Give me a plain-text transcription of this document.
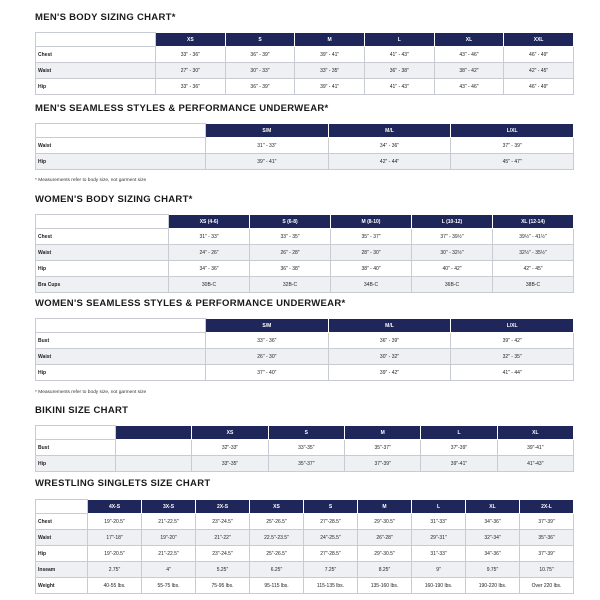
MEN'S BODY SIZING CHART*
	XS	S	M	L	XL	XXL
Chest	33" - 36"	36" - 39"	39" - 41"	41" - 43"	43" - 46"	46" - 49"
Waist	27" - 30"	30" - 33"	33" - 35"	36" - 38"	38" - 42"	42" - 45"
Hip	33" - 36"	36" - 39"	39" - 41"	41" - 43"	43" - 46"	46" - 49"
MEN'S SEAMLESS STYLES & PERFORMANCE UNDERWEAR*
	S/M	M/L	L/XL
Waist	31" - 33"	34" - 36"	37" - 39"
Hip	39" - 41"	42" - 44"	45" - 47"
* Measurements refer to body size, not garment size
WOMEN'S BODY SIZING CHART*
	XS (4-6)	S (6-8)	M (8-10)	L (10-12)	XL (12-14)
Chest	31" - 33"	33" - 35"	35" - 37"	37" - 39½"	39½" - 41½"
Waist	24" - 26"	26" - 28"	28" - 30"	30" - 32½"	32½" - 35½"
Hip	34" - 36"	36" - 38"	38" - 40"	40" - 42"	42" - 45"
Bra Cups	30B-C	32B-C	34B-C	36B-C	38B-C
WOMEN'S SEAMLESS STYLES & PERFORMANCE UNDERWEAR*
	S/M	M/L	L/XL
Bust	33" - 36"	36" - 39"	39" - 42"
Waist	26" - 30"	30" - 32"	32" - 35"
Hip	37" - 40"	39" - 42"	41" - 44"
* Measurements refer to body size, not garment size
BIKINI SIZE CHART
		XS	S	M	L	XL
Bust		32"-33"	33"-35"	35"-37"	37"-39"	39"-41"
Hip		33"-35"	35"-37"	37"-39"	39"-41"	41"-43"
WRESTLING SINGLETS SIZE CHART
	4X-S	3X-S	2X-S	XS	S	M	L	XL	2X-L
Chest	19"-20.5"	21"-22.5"	23"-24.5"	25"-26.5"	27"-28.5"	29"-30.5"	31"-33"	34"-36"	37"-39"
Waist	17"-18"	19"-20"	21"-22"	22.5"-23.5"	24"-25.5"	26"-28"	29"-31"	32"-34"	35"-36"
Hip	19"-20.5"	21"-22.5"	23"-24.5"	25"-26.5"	27"-28.5"	29"-30.5"	31"-33"	34"-36"	37"-39"
Inseam	2.75"	4"	5.25"	6.25"	7.25"	8.25"	9"	9.75"	10.75"
Weight	40-55 lbs.	55-75 lbs.	75-95 lbs.	95-115 lbs.	115-135 lbs.	135-160 lbs.	160-190 lbs.	190-220 lbs.	Over 220 lbs.
